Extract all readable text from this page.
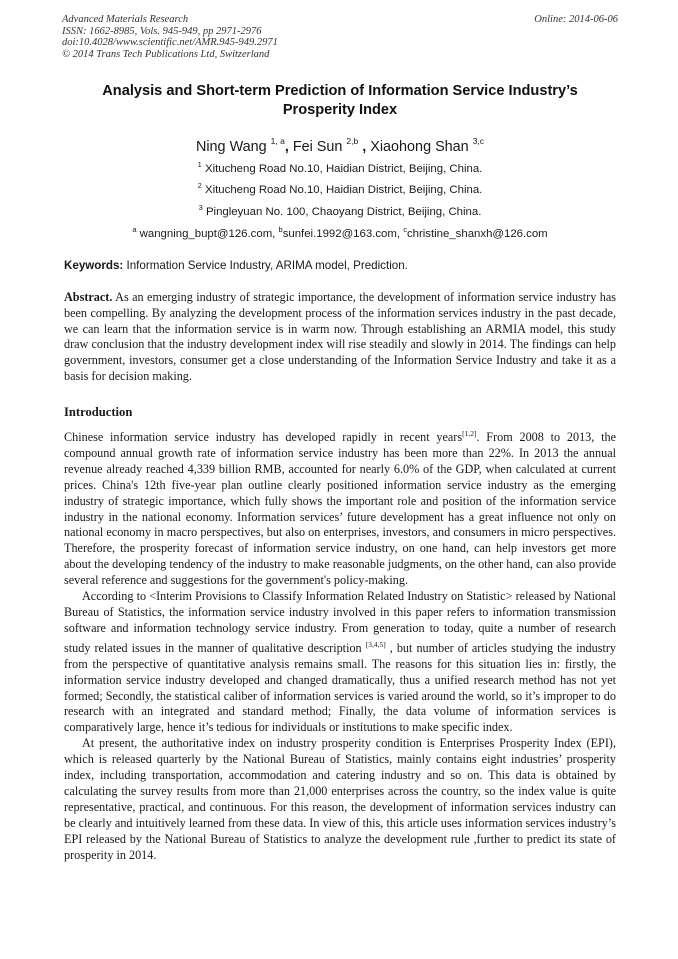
Advanced Materials Research
ISSN: 1662-8985, Vols. 945-949, pp 2971-2976
doi:10.4028/www.scientific.net/AMR.945-949.2971
© 2014 Trans Tech Publications Ltd, Switzerland
Online: 2014-06-06
Analysis and Short-term Prediction of Information Service Industry’s
Prosperity Index
Ning Wang $^{1, a}$, Fei Sun $^{2,b}$ , Xiaohong Shan $^{3,c}$
$^1$ Xitucheng Road No.10, Haidian District, Beijing, China.
$^2$ Xitucheng Road No.10, Haidian District, Beijing, China.
$^3$ Pingleyuan No. 100, Chaoyang District, Beijing, China.
$^a$ wangning_bupt@126.com, $^b$sunfei.1992@163.com, $^c$christine_shanxh@126.com
Keywords: Information Service Industry, ARIMA model, Prediction.
Abstract. As an emerging industry of strategic importance, the development of information service industry has been compelling. By analyzing the development process of the information services industry in the past decade, we can learn that the information service is in warm now. Through establishing an ARMIA model, this study draw conclusion that the industry development index will rise steadily and slowly in 2014. The findings can help government, investors, consumer get a close understanding of the Information Service Industry and take it as a basis for decision making.
Introduction

Chinese information service industry has developed rapidly in recent years[1,2]. From 2008 to 2013, the compound annual growth rate of information service industry has been more than 22%. In 2013 the annual revenue already reached 4,339 billion RMB, accounted for nearly 6.0% of the GDP, when calculated at current prices. China's 12th five-year plan outline clearly positioned information service industry as the emerging industry of strategic importance, which fully shows the important role and position of the information service industry in the national economy. Information services’ future development has a great influence not only on national economy in macro perspectives, but also on enterprises, investors, and consumers in micro perspectives. Therefore, the prosperity forecast of information service industry, on one hand, can help investors get more about the developing tendency of the industry to make reasonable judgments, on the other hand, can also provide several reference and suggestions for the government's policy-making.

According to <Interim Provisions to Classify Information Related Industry on Statistic> released by National Bureau of Statistics, the information service industry involved in this paper refers to information transmission software and information technology service industry. From generation to today, quite a number of research study related issues in the manner of qualitative description [3,4,5] , but number of articles studying the industry from the perspective of quantitative analysis remains small. The reasons for this situation lies in: firstly, the information service industry developed and changed dramatically, thus a unified research method has not yet formed; Secondly, the statistical caliber of information services is varied around the world, so it’s improper to do research with an integrated and standard method; Finally, the data volume of information services is comparatively large, hence it’s tedious for individuals or institutions to make specific index.

At present, the authoritative index on industry prosperity condition is Enterprises Prosperity Index (EPI), which is released quarterly by the National Bureau of Statistics, mainly contains eight industries’ prosperity index, including transportation, accommodation and catering industry and so on. This data is obtained by calculating the survey results from more than 21,000 enterprises across the country, so the index value is quite representative, practical, and continuous. For this reason, the development of information services industry can be clearly and intuitively learned from these data. In view of this, this article uses information services industry’s EPI released by the National Bureau of Statistics to analyze the development rule ,further to predict its state of prosperity in 2014.
